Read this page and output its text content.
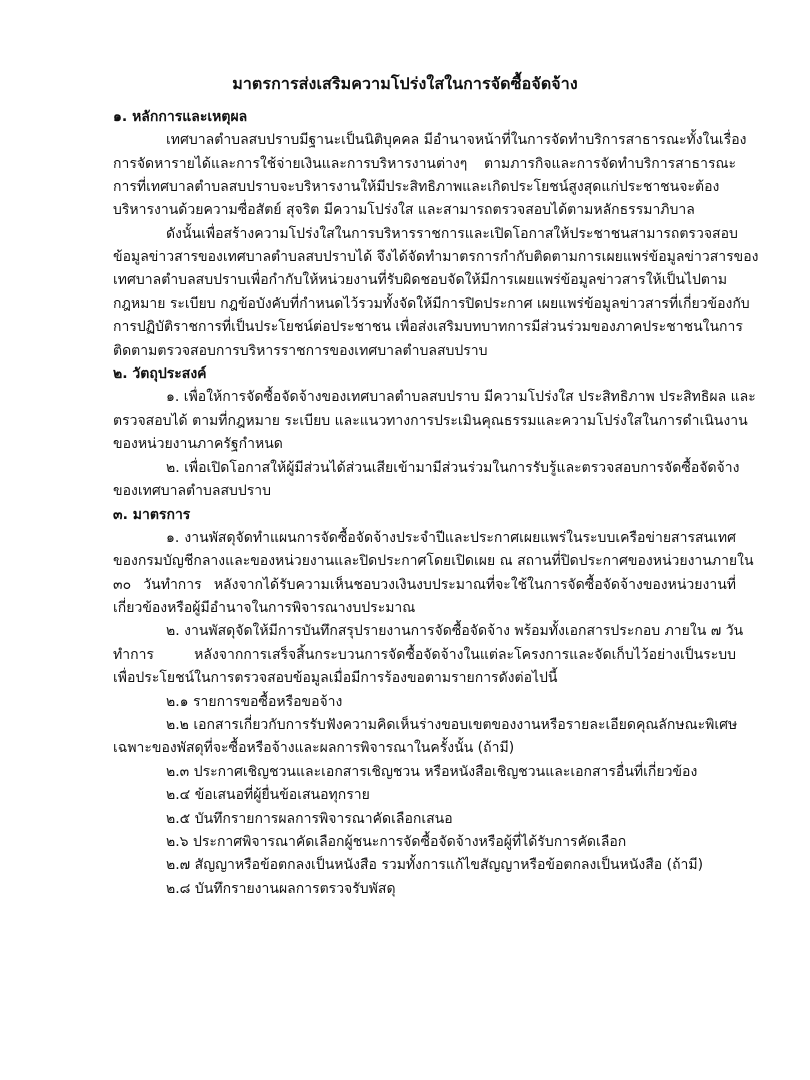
มาตรการส่งเสริมความโปร่งใสในการจัดซื้อจัดจ้าง
๑. หลักการและเหตุผล
เทศบาลตำบลสบปราบมีฐานะเป็นนิติบุคคล มีอำนาจหน้าที่ในการจัดทำบริการสาธารณะทั้งในเรื่อง
การจัดหารายได้และการใช้จ่ายเงินและการบริหารงานต่างๆ ตามภารกิจและการจัดทำบริการสาธารณะ
การที่เทศบาลตำบลสบปราบจะบริหารงานให้มีประสิทธิภาพและเกิดประโยชน์สูงสุดแก่ประชาชนจะต้อง
บริหารงานด้วยความซื่อสัตย์ สุจริต มีความโปร่งใส และสามารถตรวจสอบได้ตามหลักธรรมาภิบาล
ดังนั้นเพื่อสร้างความโปร่งใสในการบริหารราชการและเปิดโอกาสให้ประชาชนสามารถตรวจสอบ
ข้อมูลข่าวสารของเทศบาลตำบลสบปราบได้ จึงได้จัดทำมาตรการกำกับติดตามการเผยแพร่ข้อมูลข่าวสารของ
เทศบาลตำบลสบปราบเพื่อกำกับให้หน่วยงานที่รับผิดชอบจัดให้มีการเผยแพร่ข้อมูลข่าวสารให้เป็นไปตาม
กฎหมาย ระเบียบ กฎข้อบังคับที่กำหนดไว้รวมทั้งจัดให้มีการปิดประกาศ เผยแพร่ข้อมูลข่าวสารที่เกี่ยวข้องกับ
การปฏิบัติราชการที่เป็นประโยชน์ต่อประชาชน เพื่อส่งเสริมบทบาทการมีส่วนร่วมของภาคประชาชนในการ
ติดตามตรวจสอบการบริหารราชการของเทศบาลตำบลสบปราบ
๒. วัตถุประสงค์
๑. เพื่อให้การจัดซื้อจัดจ้างของเทศบาลตำบลสบปราบ มีความโปร่งใส ประสิทธิภาพ ประสิทธิผล และ
ตรวจสอบได้ ตามที่กฎหมาย ระเบียบ และแนวทางการประเมินคุณธรรมและความโปร่งใสในการดำเนินงาน
ของหน่วยงานภาครัฐกำหนด
๒. เพื่อเปิดโอกาสให้ผู้มีส่วนได้ส่วนเสียเข้ามามีส่วนร่วมในการรับรู้และตรวจสอบการจัดซื้อจัดจ้าง
ของเทศบาลตำบลสบปราบ
๓. มาตรการ
๑. งานพัสดุจัดทำแผนการจัดซื้อจัดจ้างประจำปีและประกาศเผยแพร่ในระบบเครือข่ายสารสนเทศ
ของกรมบัญชีกลางและของหน่วยงานและปิดประกาศโดยเปิดเผย ณ สถานที่ปิดประกาศของหน่วยงานภายใน
๓๐ วันทำการ หลังจากได้รับความเห็นชอบวงเงินงบประมาณที่จะใช้ในการจัดซื้อจัดจ้างของหน่วยงานที่
เกี่ยวข้องหรือผู้มีอำนาจในการพิจารณางบประมาณ
๒. งานพัสดุจัดให้มีการบันทึกสรุปรายงานการจัดซื้อจัดจ้าง พร้อมทั้งเอกสารประกอบ ภายใน ๗ วัน
ทำการ หลังจากการเสร็จสิ้นกระบวนการจัดซื้อจัดจ้างในแต่ละโครงการและจัดเก็บไว้อย่างเป็นระบบ
เพื่อประโยชน์ในการตรวจสอบข้อมูลเมื่อมีการร้องขอตามรายการดังต่อไปนี้
๒.๑ รายการขอซื้อหรือขอจ้าง
๒.๒ เอกสารเกี่ยวกับการรับฟังความคิดเห็นร่างขอบเขตของงานหรือรายละเอียดคุณลักษณะพิเศษ
เฉพาะของพัสดุที่จะซื้อหรือจ้างและผลการพิจารณาในครั้งนั้น (ถ้ามี)
๒.๓ ประกาศเชิญชวนและเอกสารเชิญชวน หรือหนังสือเชิญชวนและเอกสารอื่นที่เกี่ยวข้อง
๒.๔ ข้อเสนอที่ผู้ยื่นข้อเสนอทุกราย
๒.๕ บันทึกรายการผลการพิจารณาคัดเลือกเสนอ
๒.๖ ประกาศพิจารณาคัดเลือกผู้ชนะการจัดซื้อจัดจ้างหรือผู้ที่ได้รับการคัดเลือก
๒.๗ สัญญาหรือข้อตกลงเป็นหนังสือ รวมทั้งการแก้ไขสัญญาหรือข้อตกลงเป็นหนังสือ (ถ้ามี)
๒.๘ บันทึกรายงานผลการตรวจรับพัสดุ
